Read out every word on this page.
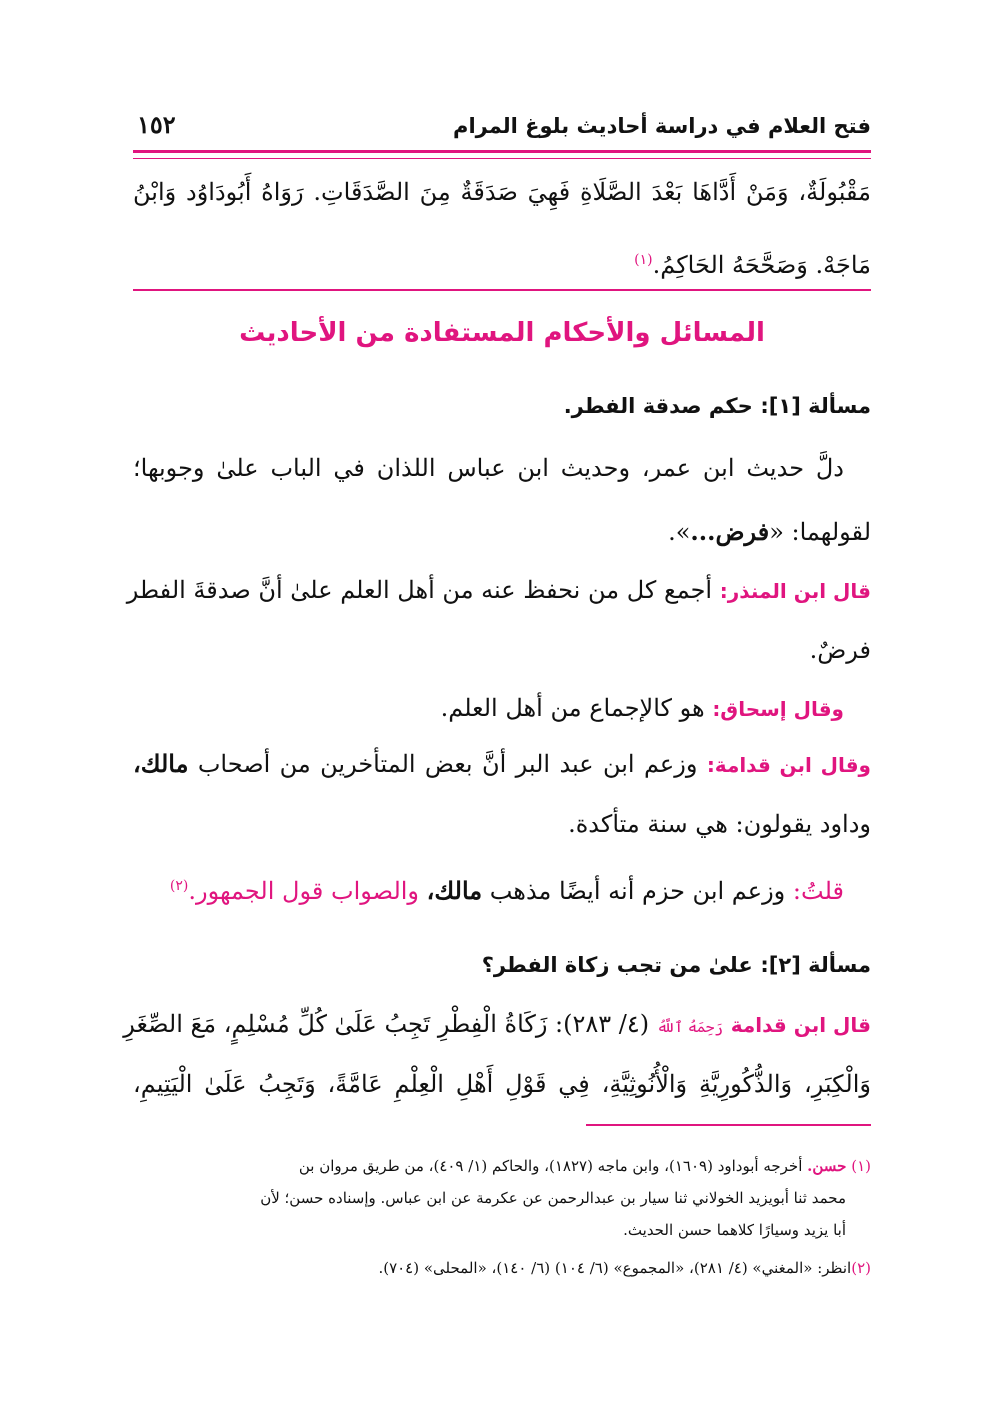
فتح العلام في دراسة أحاديث بلوغ المرام
١٥٢
مَقْبُولَةٌ، وَمَنْ أَدَّاهَا بَعْدَ الصَّلَاةِ فَهِيَ صَدَقَةٌ مِنَ الصَّدَقَاتِ. رَوَاهُ أَبُودَاوُد وَابْنُ
مَاجَهْ. وَصَحَّحَهُ الحَاكِمُ.$^{(١)}$
المسائل والأحكام المستفادة من الأحاديث
مسألة [١]: حكم صدقة الفطر.
دلَّ حديث ابن عمر، وحديث ابن عباس اللذان في الباب علىٰ وجوبها؛
لقولهما: «فرض...».
قال ابن المنذر: أجمع كل من نحفظ عنه من أهل العلم علىٰ أنَّ صدقةَ الفطر
فرضٌ.
وقال إسحاق: هو كالإجماع من أهل العلم.
وقال ابن قدامة: وزعم ابن عبد البر أنَّ بعض المتأخرين من أصحاب مالك،
وداود يقولون: هي سنة متأكدة.
قلتُ: وزعم ابن حزم أنه أيضًا مذهب مالك، والصواب قول الجمهور.$^{(٢)}$
مسألة [٢]: علىٰ من تجب زكاة الفطر؟
قال ابن قدامة رَحِمَهُ ٱللَّهُ (٤/ ٢٨٣): زَكَاةُ الْفِطْرِ تَجِبُ عَلَىٰ كُلِّ مُسْلِمٍ، مَعَ الصِّغَرِ
وَالْكِبَرِ، وَالذُّكُورِيَّةِ وَالْأُنُوثِيَّةِ، فِي قَوْلِ أَهْلِ الْعِلْمِ عَامَّةً، وَتَجِبُ عَلَىٰ الْيَتِيمِ،
(١) حسن. أخرجه أبوداود (١٦٠٩)، وابن ماجه (١٨٢٧)، والحاكم (١/ ٤٠٩)، من طريق مروان بن
محمد ثنا أبويزيد الخولاني ثنا سيار بن عبدالرحمن عن عكرمة عن ابن عباس. وإسناده حسن؛ لأن
أبا يزيد وسيارًا كلاهما حسن الحديث.
(٢)انظر: «المغني» (٤/ ٢٨١)، «المجموع» (٦/ ١٠٤) (٦/ ١٤٠)، «المحلى» (٧٠٤).
